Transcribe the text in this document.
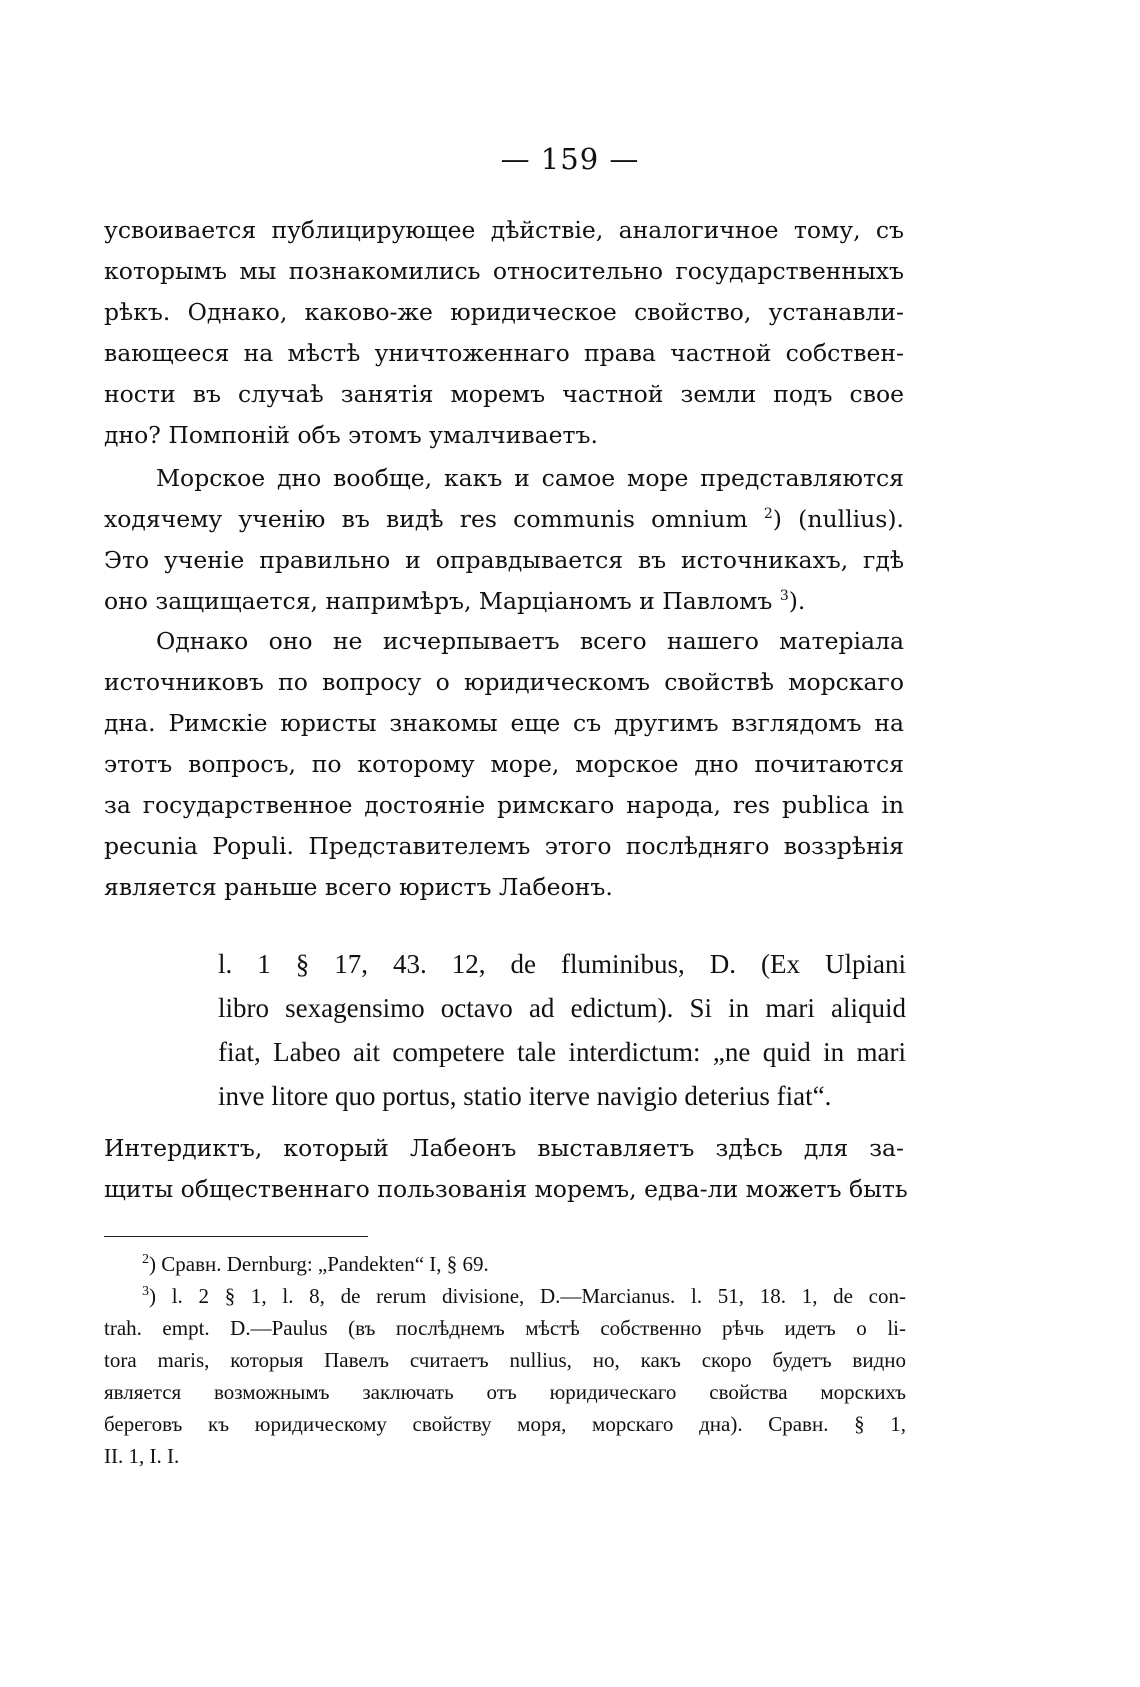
— 159 —
усвоивается публицирующее дѣйствіе, аналогичное тому, съ
которымъ мы познакомились относительно государственныхъ
рѣкъ. Однако, каково-же юридическое свойство, устанавли-
вающееся на мѣстѣ уничтоженнаго права частной собствен-
ности въ случаѣ занятія моремъ частной земли подъ свое
дно? Помпоній объ этомъ умалчиваетъ.
Морское дно вообще, какъ и самое море представляются
ходячему ученію въ видѣ res communis omnium $^2$) (nullius).
Это ученіе правильно и оправдывается въ источникахъ, гдѣ
оно защищается, напримѣръ, Марціаномъ и Павломъ $^3$).
Однако оно не исчерпываетъ всего нашего матеріала
источниковъ по вопросу о юридическомъ свойствѣ морскаго
дна. Римскіе юристы знакомы еще съ другимъ взглядомъ на
этотъ вопросъ, по которому море, морское дно почитаются
за государственное достояніе римскаго народа, res publica in
pecunia Populi. Представителемъ этого послѣдняго воззрѣнія
является раньше всего юристъ Лабеонъ.
l. 1 § 17, 43. 12, de fluminibus, D. (Ex Ulpiani
libro sexagensimo octavo ad edictum). Si in mari aliquid
fiat, Labeo ait competere tale interdictum: „ne quid in mari
inve litore quo portus, statio iterve navigio deterius fiat“.
Интердиктъ, который Лабеонъ выставляетъ здѣсь для за-
щиты общественнаго пользованія моремъ, едва-ли можетъ быть
$^2$) Сравн. Dernburg: „Pandekten“ I, § 69.
$^3$) l. 2 § 1, l. 8, de rerum divisione, D.—Marcianus. l. 51, 18. 1, de con-
trah. empt. D.—Paulus (въ послѣднемъ мѣстѣ собственно рѣчь идетъ о li-
tora maris, которыя Павелъ считаетъ nullius, но, какъ скоро будетъ видно
является возможнымъ заключать отъ юридическаго свойства морскихъ
береговъ къ юридическому свойству моря, морскаго дна). Сравн. § 1,
II. 1, I. I.
